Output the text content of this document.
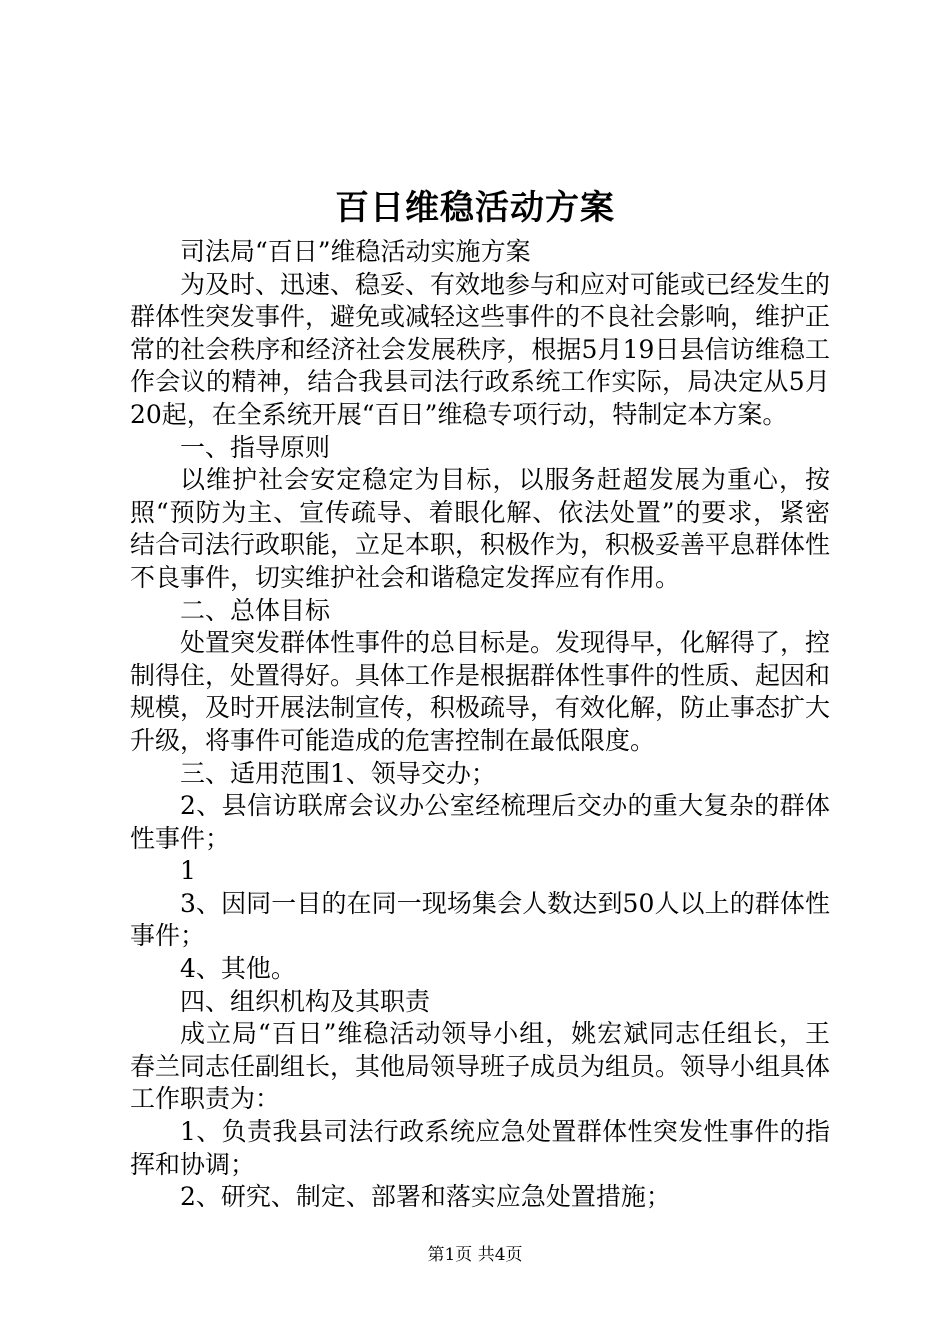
百日维稳活动方案

司法局“百日”维稳活动实施方案

为及时、迅速、稳妥、有效地参与和应对可能或已经发生的群体性突发事件，避免或减轻这些事件的不良社会影响，维护正常的社会秩序和经济社会发展秩序，根据5月19日县信访维稳工作会议的精神，结合我县司法行政系统工作实际，局决定从5月20起，在全系统开展“百日”维稳专项行动，特制定本方案。

一、指导原则

以维护社会安定稳定为目标，以服务赶超发展为重心，按照“预防为主、宣传疏导、着眼化解、依法处置”的要求，紧密结合司法行政职能，立足本职，积极作为，积极妥善平息群体性不良事件，切实维护社会和谐稳定发挥应有作用。

二、总体目标

处置突发群体性事件的总目标是。发现得早，化解得了，控制得住，处置得好。具体工作是根据群体性事件的性质、起因和规模，及时开展法制宣传，积极疏导，有效化解，防止事态扩大升级，将事件可能造成的危害控制在最低限度。

三、适用范围1、领导交办；

2、县信访联席会议办公室经梳理后交办的重大复杂的群体性事件；

1

3、因同一目的在同一现场集会人数达到50人以上的群体性事件；

4、其他。

四、组织机构及其职责

成立局“百日”维稳活动领导小组，姚宏斌同志任组长，王春兰同志任副组长，其他局领导班子成员为组员。领导小组具体工作职责为：

1、负责我县司法行政系统应急处置群体性突发性事件的指挥和协调；

2、研究、制定、部署和落实应急处置措施；

第1页 共4页
